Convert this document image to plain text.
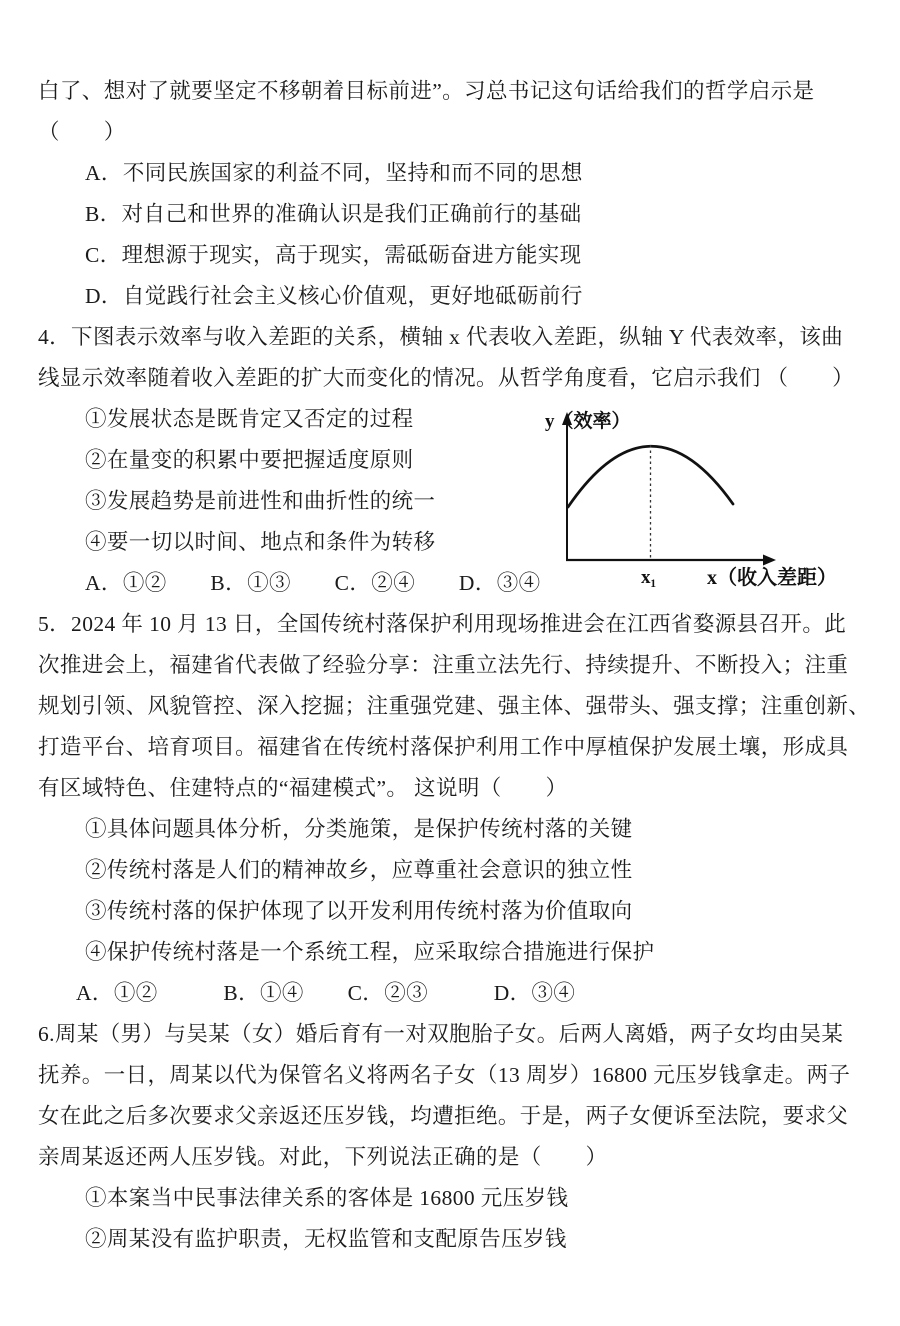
白了、想对了就要坚定不移朝着目标前进”。习总书记这句话给我们的哲学启示是
（　　）
A．不同民族国家的利益不同，坚持和而不同的思想
B．对自己和世界的准确认识是我们正确前行的基础
C．理想源于现实，高于现实，需砥砺奋进方能实现
D．自觉践行社会主义核心价值观，更好地砥砺前行
4．下图表示效率与收入差距的关系，横轴 x 代表收入差距，纵轴 Y 代表效率，该曲
线显示效率随着收入差距的扩大而变化的情况。从哲学角度看，它启示我们 （　　）
①发展状态是既肯定又否定的过程
②在量变的积累中要把握适度原则
③发展趋势是前进性和曲折性的统一
④要一切以时间、地点和条件为转移
A．①②　　B．①③　　C．②④　　D．③④
y（效率）
x₁	x（收入差距）
5．2024 年 10 月 13 日，全国传统村落保护利用现场推进会在江西省婺源县召开。此
次推进会上，福建省代表做了经验分享：注重立法先行、持续提升、不断投入；注重
规划引领、风貌管控、深入挖掘；注重强党建、强主体、强带头、强支撑；注重创新、
打造平台、培育项目。福建省在传统村落保护利用工作中厚植保护发展土壤，形成具
有区域特色、住建特点的“福建模式”。 这说明（　　）
①具体问题具体分析，分类施策，是保护传统村落的关键
②传统村落是人们的精神故乡，应尊重社会意识的独立性
③传统村落的保护体现了以开发利用传统村落为价值取向
④保护传统村落是一个系统工程，应采取综合措施进行保护
A．①②　　　B．①④　　C．②③　　　D．③④
6.周某（男）与吴某（女）婚后育有一对双胞胎子女。后两人离婚，两子女均由吴某
抚养。一日，周某以代为保管名义将两名子女（13 周岁）16800 元压岁钱拿走。两子
女在此之后多次要求父亲返还压岁钱，均遭拒绝。于是，两子女便诉至法院，要求父
亲周某返还两人压岁钱。对此，下列说法正确的是（　　）
①本案当中民事法律关系的客体是 16800 元压岁钱
②周某没有监护职责，无权监管和支配原告压岁钱
